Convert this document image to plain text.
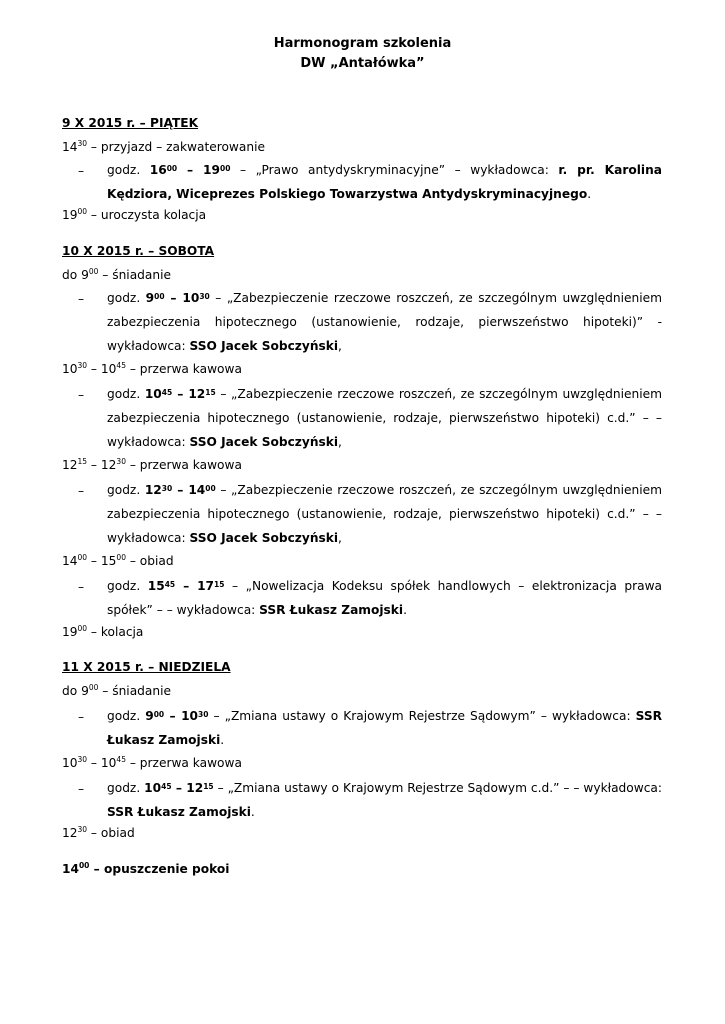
Harmonogram szkolenia
DW „Antałówka”
9 X 2015 r. – PIĄTEK
$14^{30}$ – przyjazd – zakwaterowanie
– godz. $16^{00} - 19^{00}$ – „Prawo antydyskryminacyjne” – wykładowca: r. pr. Karolina Kędziora, Wiceprezes Polskiego Towarzystwa Antydyskryminacyjnego.
$19^{00}$ – uroczysta kolacja
10 X 2015 r. – SOBOTA
do $9^{00}$ – śniadanie
– godz. $9^{00} - 10^{30}$ – „Zabezpieczenie rzeczowe roszczeń, ze szczególnym uwzględnieniem zabezpieczenia hipotecznego (ustanowienie, rodzaje, pierwszeństwo hipoteki)” - wykładowca: SSO Jacek Sobczyński,
$10^{30} - 10^{45}$ – przerwa kawowa
– godz. $10^{45} - 12^{15}$ – „Zabezpieczenie rzeczowe roszczeń, ze szczególnym uwzględnieniem zabezpieczenia hipotecznego (ustanowienie, rodzaje, pierwszeństwo hipoteki) c.d.” – – wykładowca: SSO Jacek Sobczyński,
$12^{15} - 12^{30}$ – przerwa kawowa
– godz. $12^{30} - 14^{00}$ – „Zabezpieczenie rzeczowe roszczeń, ze szczególnym uwzględnieniem zabezpieczenia hipotecznego (ustanowienie, rodzaje, pierwszeństwo hipoteki) c.d.” – – wykładowca: SSO Jacek Sobczyński,
$14^{00} - 15^{00}$ – obiad
– godz. $15^{45} - 17^{15}$ – „Nowelizacja Kodeksu spółek handlowych – elektronizacja prawa spółek” – – wykładowca: SSR Łukasz Zamojski.
$19^{00}$ – kolacja
11 X 2015 r. – NIEDZIELA
do $9^{00}$ – śniadanie
– godz. $9^{00} - 10^{30}$ – „Zmiana ustawy o Krajowym Rejestrze Sądowym” – wykładowca: SSR Łukasz Zamojski.
$10^{30} - 10^{45}$ – przerwa kawowa
– godz. $10^{45} - 12^{15}$ – „Zmiana ustawy o Krajowym Rejestrze Sądowym c.d.” – – wykładowca: SSR Łukasz Zamojski.
$12^{30}$ – obiad
$14^{00}$ – opuszczenie pokoi
